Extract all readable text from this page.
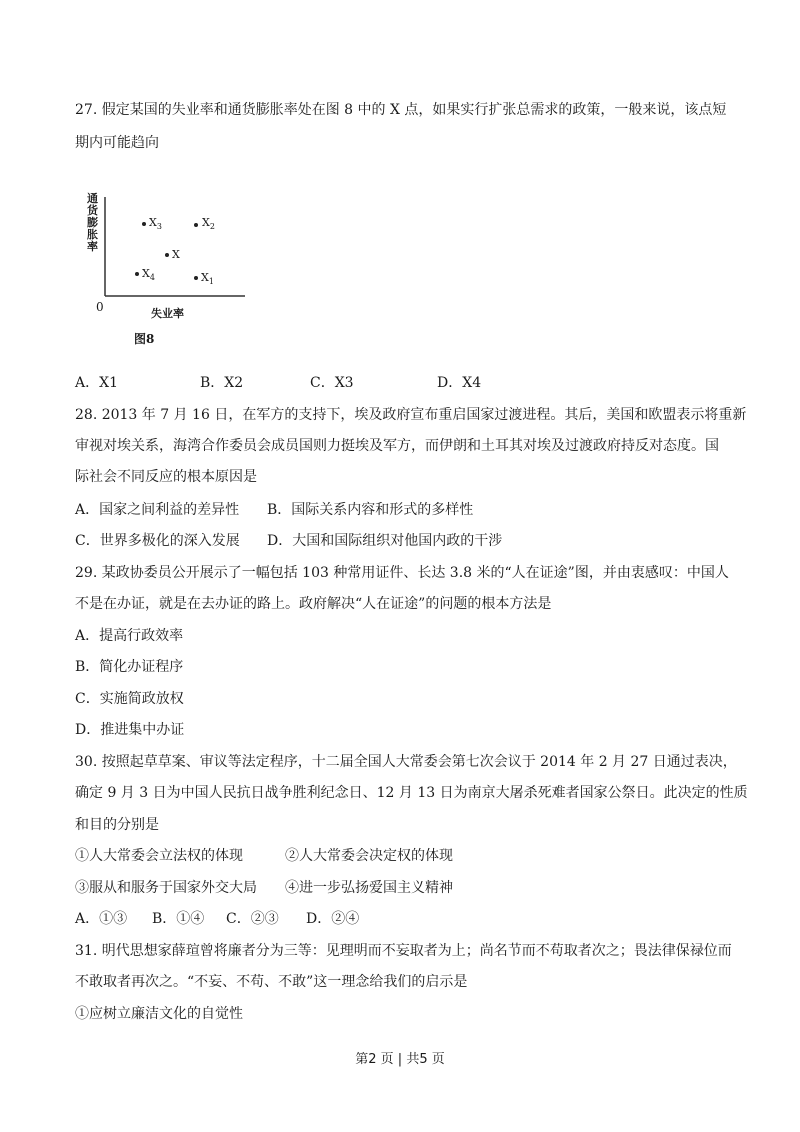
27. 假定某国的失业率和通货膨胀率处在图 8 中的 X 点，如果实行扩张总需求的政策，一般来说，该点短
期内可能趋向
通货膨胀率
$X_3$	$X_2$
X
$X_4$	$X_1$
0	失业率
图8
A．X1	B．X2	C．X3	D．X4
28. 2013 年 7 月 16 日，在军方的支持下，埃及政府宣布重启国家过渡进程。其后，美国和欧盟表示将重新
审视对埃关系，海湾合作委员会成员国则力挺埃及军方，而伊朗和土耳其对埃及过渡政府持反对态度。国
际社会不同反应的根本原因是
A．国家之间利益的差异性 B．国际关系内容和形式的多样性
C．世界多极化的深入发展 D．大国和国际组织对他国内政的干涉
29. 某政协委员公开展示了一幅包括 103 种常用证件、长达 3.8 米的“人在证途”图，并由衷感叹：中国人
不是在办证，就是在去办证的路上。政府解决“人在证途”的问题的根本方法是
A．提高行政效率
B．简化办证程序
C．实施简政放权
D．推进集中办证
30. 按照起草草案、审议等法定程序，十二届全国人大常委会第七次会议于 2014 年 2 月 27 日通过表决，
确定 9 月 3 日为中国人民抗日战争胜利纪念日、12 月 13 日为南京大屠杀死难者国家公祭日。此决定的性质
和目的分别是
①人大常委会立法权的体现	②人大常委会决定权的体现
③服从和服务于国家外交大局 ④进一步弘扬爱国主义精神
A．①③ B．①④ C．②③ D．②④
31. 明代思想家薛瑄曾将廉者分为三等：见理明而不妄取者为上；尚名节而不苟取者次之；畏法律保禄位而
不敢取者再次之。“不妄、不苟、不敢”这一理念给我们的启示是
①应树立廉洁文化的自觉性
第2 页 | 共5 页
